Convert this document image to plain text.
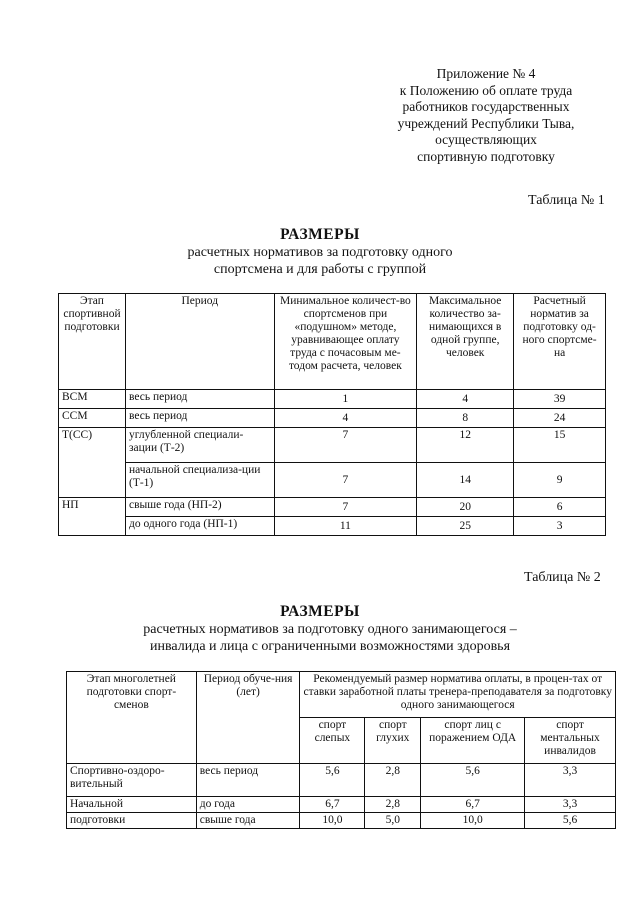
Приложение № 4
к Положению об оплате труда
работников государственных
учреждений Республики Тыва,
осуществляющих
спортивную подготовку
Таблица № 1
РАЗМЕРЫ
расчетных нормативов за подготовку одного
спортсмена и для работы с группой
Этап спортивной подготовки	Период	Минимальное количест-во спортсменов при «подушном» методе, уравнивающее оплату труда с почасовым ме-тодом расчета, человек	Максимальное количество за-нимающихся в одной группе, человек	Расчетный норматив за подготовку од-ного спортсме-на
ВСМ	весь период	1	4	39
ССМ	весь период	4	8	24
Т(СС)	углубленной специали-зации (Т-2)	7	12	15
	начальной специализа-ции (Т-1)	7	14	9
НП	свыше года (НП-2)	7	20	6
	до одного года (НП-1)	11	25	3
Таблица № 2
РАЗМЕРЫ
расчетных нормативов за подготовку одного занимающегося –
инвалида и лица с ограниченными возможностями здоровья
Этап многолетней подготовки спорт-сменов	Период обуче-ния (лет)	Рекомендуемый размер норматива оплаты, в процен-тах от ставки заработной платы тренера-преподавателя за подготовку одного занимающегося			
		спорт слепых	спорт глухих	спорт лиц с поражением ОДА	спорт ментальных инвалидов
Спортивно-оздоро-вительный	весь период	5,6	2,8	5,6	3,3
Начальной	до года	6,7	2,8	6,7	3,3
подготовки	свыше года	10,0	5,0	10,0	5,6
